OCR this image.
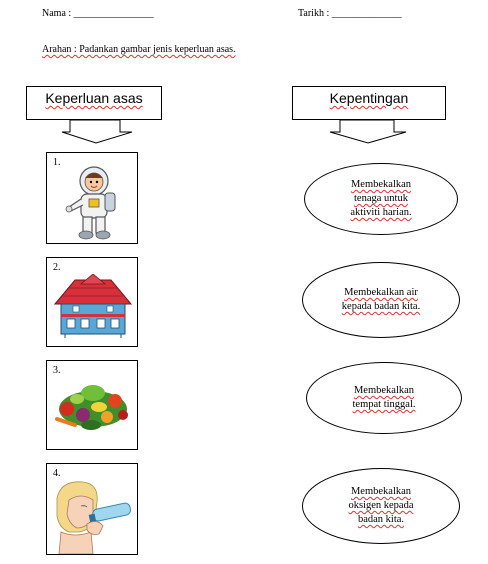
Nama : ________________	Tarikh : ______________
Arahan : Padankan gambar jenis keperluan asas.
Keperluan asas	Kepentingan
1.
2.
3.
4.
Membekalkan
tenaga untuk
aktiviti harian.
Membekalkan air
kepada badan kita.
Membekalkan
tempat tinggal.
Membekalkan
oksigen kepada
badan kita.
